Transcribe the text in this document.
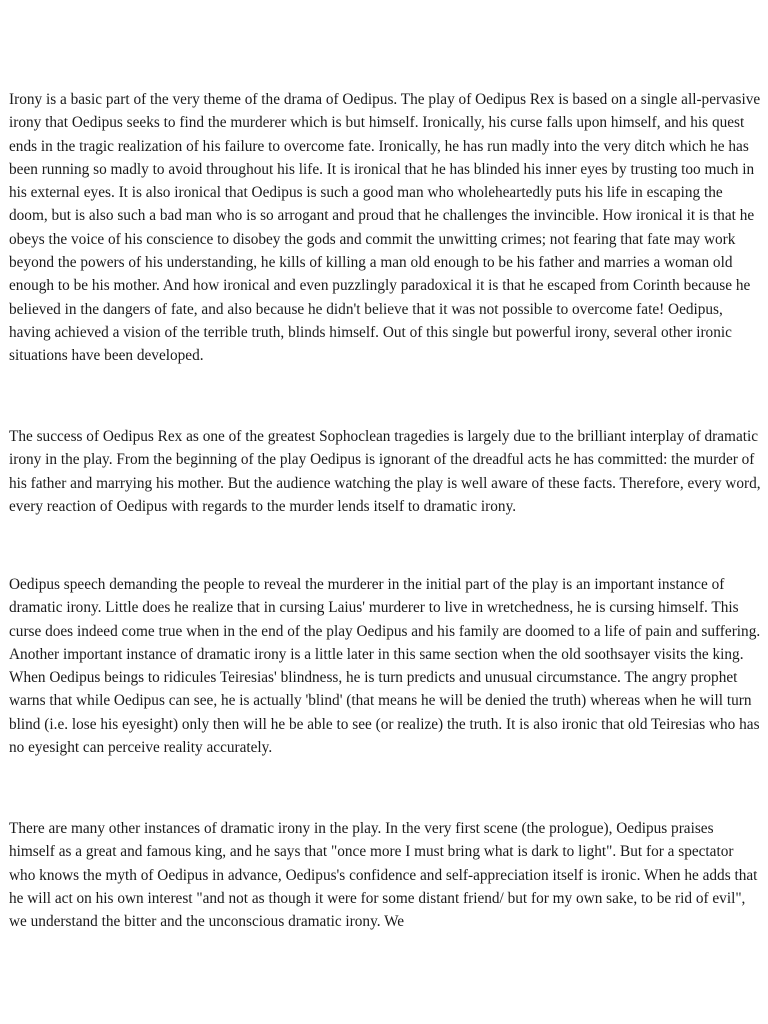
Irony is a basic part of the very theme of the drama of Oedipus. The play of Oedipus Rex is based on a single all-pervasive irony that Oedipus seeks to find the murderer which is but himself. Ironically, his curse falls upon himself, and his quest ends in the tragic realization of his failure to overcome fate. Ironically, he has run madly into the very ditch which he has been running so madly to avoid throughout his life. It is ironical that he has blinded his inner eyes by trusting too much in his external eyes. It is also ironical that Oedipus is such a good man who wholeheartedly puts his life in escaping the doom, but is also such a bad man who is so arrogant and proud that he challenges the invincible. How ironical it is that he obeys the voice of his conscience to disobey the gods and commit the unwitting crimes; not fearing that fate may work beyond the powers of his understanding, he kills of killing a man old enough to be his father and marries a woman old enough to be his mother. And how ironical and even puzzlingly paradoxical it is that he escaped from Corinth because he believed in the dangers of fate, and also because he didn't believe that it was not possible to overcome fate! Oedipus, having achieved a vision of the terrible truth, blinds himself. Out of this single but powerful irony, several other ironic situations have been developed.

The success of Oedipus Rex as one of the greatest Sophoclean tragedies is largely due to the brilliant interplay of dramatic irony in the play. From the beginning of the play Oedipus is ignorant of the dreadful acts he has committed: the murder of his father and marrying his mother. But the audience watching the play is well aware of these facts. Therefore, every word, every reaction of Oedipus with regards to the murder lends itself to dramatic irony.

Oedipus speech demanding the people to reveal the murderer in the initial part of the play is an important instance of dramatic irony. Little does he realize that in cursing Laius' murderer to live in wretchedness, he is cursing himself. This curse does indeed come true when in the end of the play Oedipus and his family are doomed to a life of pain and suffering. Another important instance of dramatic irony is a little later in this same section when the old soothsayer visits the king. When Oedipus beings to ridicules Teiresias' blindness, he is turn predicts and unusual circumstance. The angry prophet warns that while Oedipus can see, he is actually 'blind' (that means he will be denied the truth) whereas when he will turn blind (i.e. lose his eyesight) only then will he be able to see (or realize) the truth. It is also ironic that old Teiresias who has no eyesight can perceive reality accurately.

There are many other instances of dramatic irony in the play. In the very first scene (the prologue), Oedipus praises himself as a great and famous king, and he says that "once more I must bring what is dark to light". But for a spectator who knows the myth of Oedipus in advance, Oedipus's confidence and self-appreciation itself is ironic. When he adds that he will act on his own interest "and not as though it were for some distant friend/ but for my own sake, to be rid of evil", we understand the bitter and the unconscious dramatic irony. We
